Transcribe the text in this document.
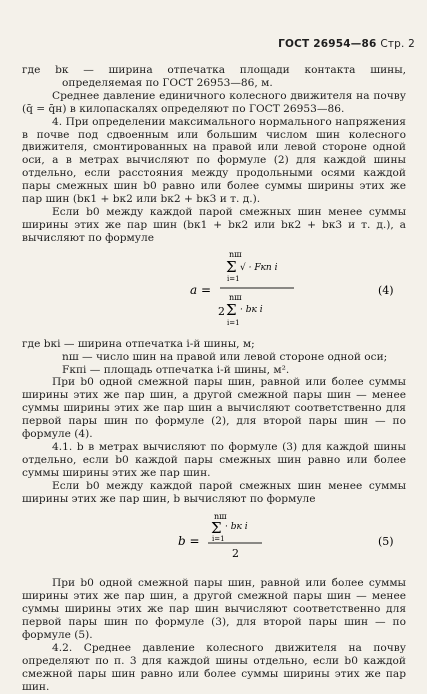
ГОСТ 26954—86 Стр. 2

где bк — ширина отпечатка площади контакта шины, определяемая по ГОСТ 26953—86, м.

Среднее давление единичного колесного движителя на почву (q̄ = q̄н) в килопаскалях определяют по ГОСТ 26953—86.

4. При определении максимального нормального напряжения в почве под сдвоенным или большим числом шин колесного движителя, смонтированных на правой или левой стороне одной оси, a в метрах вычисляют по формуле (2) для каждой шины отдельно, если расстояния между продольными осями каждой пары смежных шин b0 равно или более суммы ширины этих же пар шин (bк1 + bк2 или bк2 + bк3 и т. д.).

Если b0 между каждой парой смежных шин менее суммы ширины этих же пар шин (bк1 + bк2 или bк2 + bк3 и т. д.), a вычисляют по формуле

a =
nш
Σ
i=1
√ · Fкп i
nш
2 Σ
i=1
· bк i
(4)

где bкi — ширина отпечатка i-й шины, м;

nш — число шин на правой или левой стороне одной оси;

Fкпi — площадь отпечатка i-й шины, м².

При b0 одной смежной пары шин, равной или более суммы ширины этих же пар шин, а другой смежной пары шин — менее суммы ширины этих же пар шин a вычисляют соответственно для первой пары шин по формуле (2), для второй пары шин — по формуле (4).

4.1. b в метрах вычисляют по формуле (3) для каждой шины отдельно, если b0 каждой пары смежных шин равно или более суммы ширины этих же пар шин.

Если b0 между каждой парой смежных шин менее суммы ширины этих же пар шин, b вычисляют по формуле

b =
nш
Σ
i=1
· bк i
2
(5)

При b0 одной смежной пары шин, равной или более суммы ширины этих же пар шин, а другой смежной пары шин — менее суммы ширины этих же пар шин вычисляют соответственно для первой пары шин по формуле (3), для второй пары шин — по формуле (5).

4.2. Среднее давление колесного движителя на почву определяют по п. 3 для каждой шины отдельно, если b0 каждой смежной пары шин равно или более суммы ширины этих же пар шин.
